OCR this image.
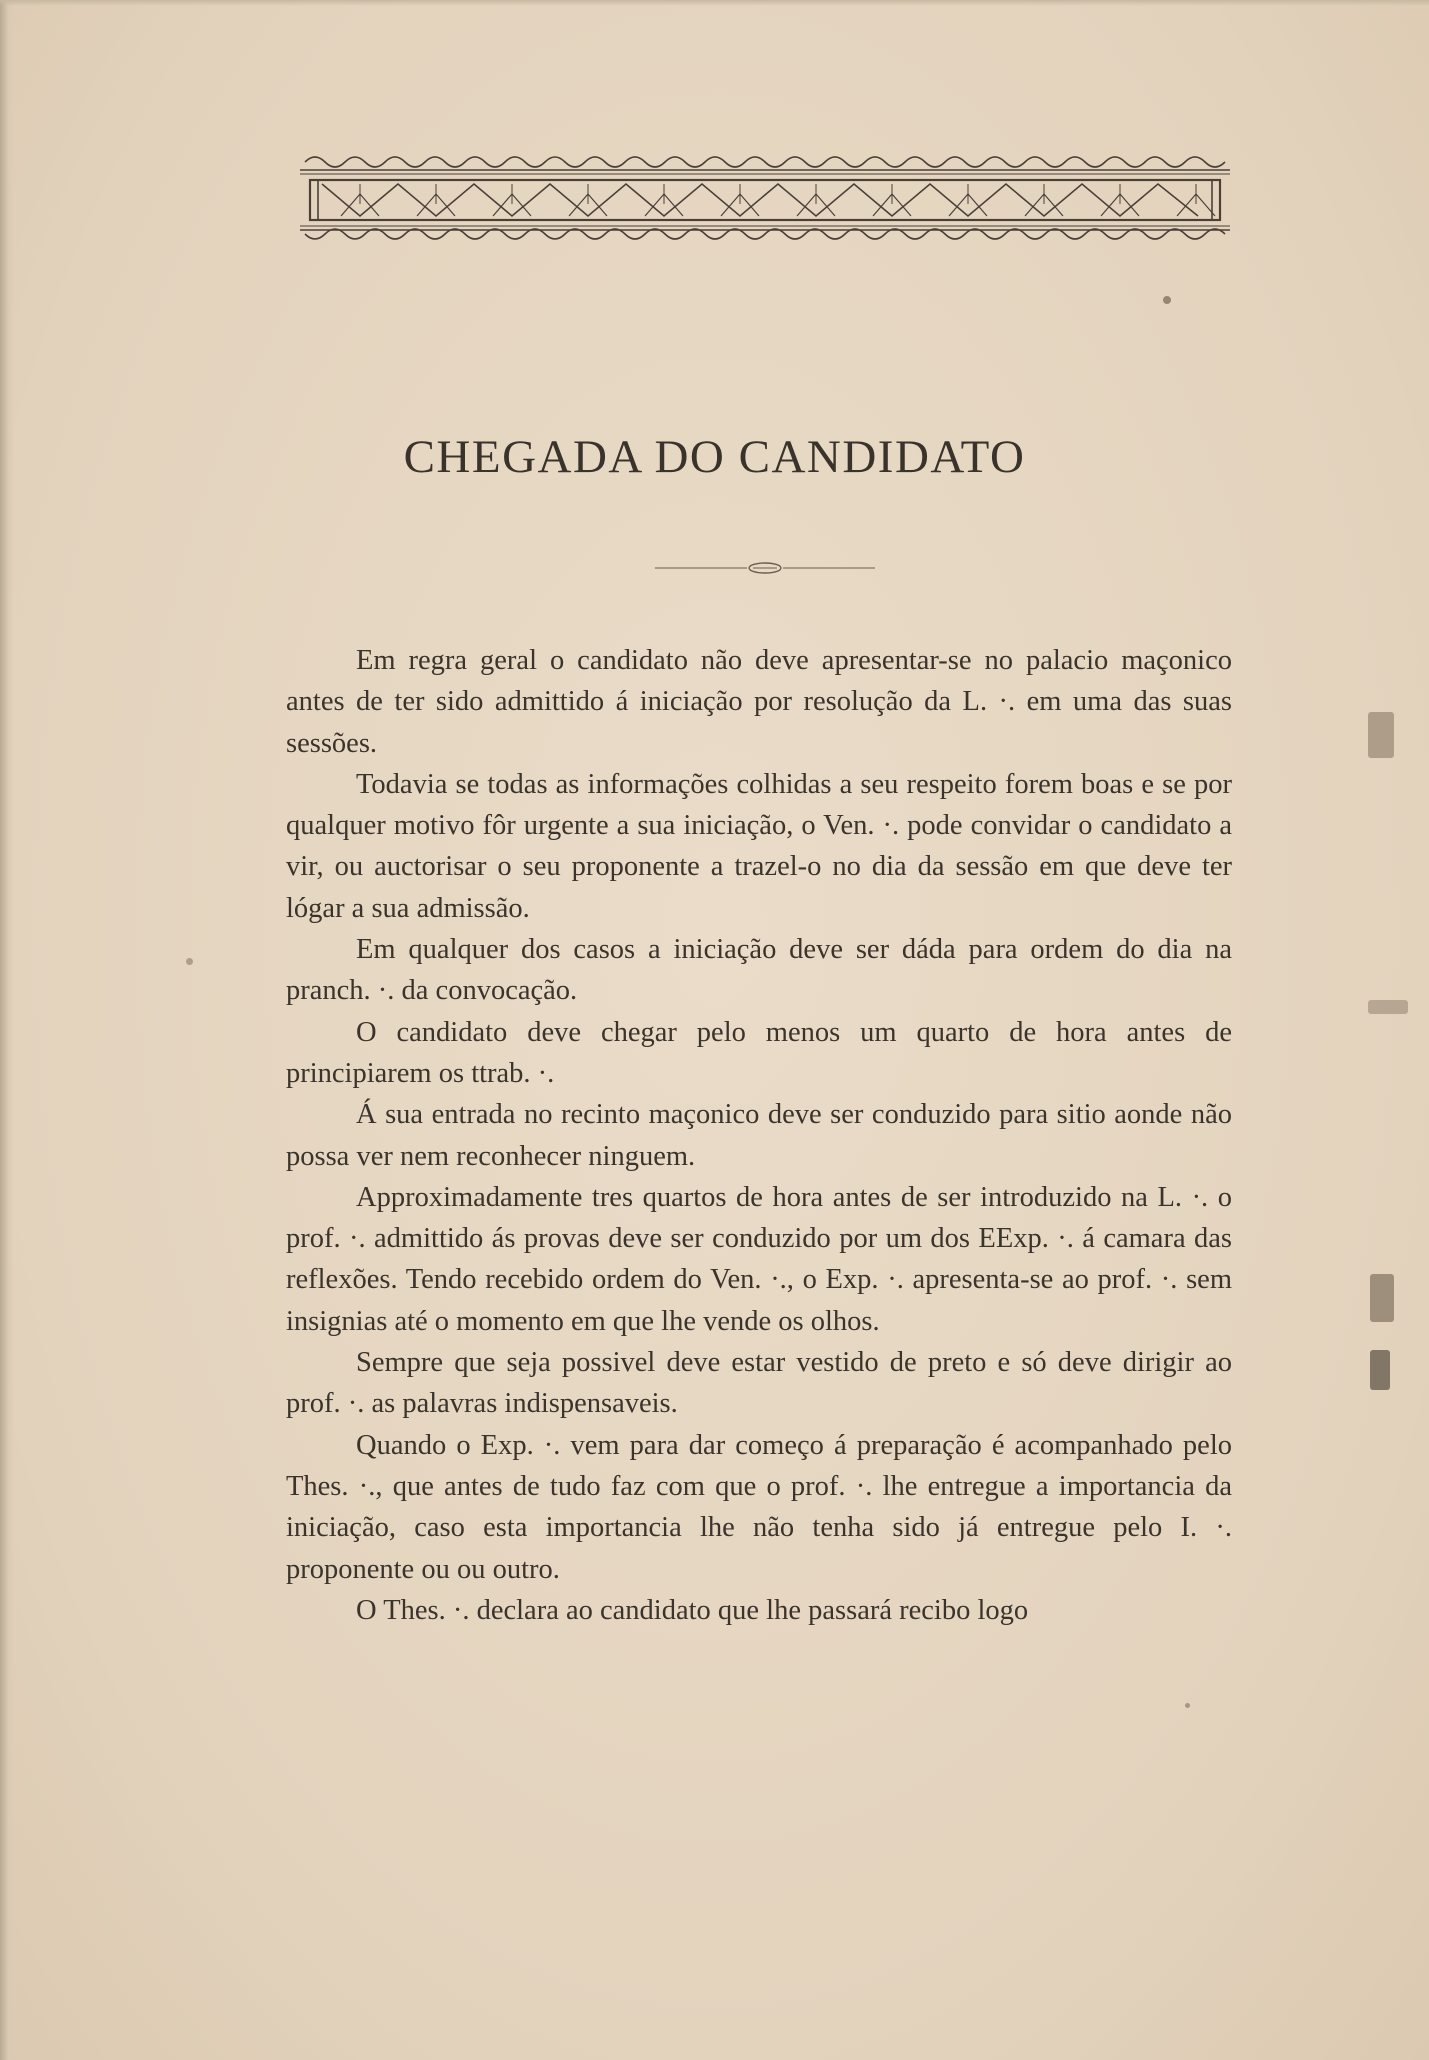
CHEGADA DO CANDIDATO

Em regra geral o candidato não deve apresentar-se no palacio maçonico antes de ter sido admittido á iniciação por resolução da L. ·. em uma das suas sessões.

Todavia se todas as informações colhidas a seu respeito forem boas e se por qualquer motivo fôr urgente a sua iniciação, o Ven. ·. pode convidar o candidato a vir, ou auctorisar o seu proponente a trazel-o no dia da sessão em que deve ter lógar a sua admissão.

Em qualquer dos casos a iniciação deve ser dáda para ordem do dia na pranch. ·. da convocação.

O candidato deve chegar pelo menos um quarto de hora antes de principiarem os ttrab. ·.

Á sua entrada no recinto maçonico deve ser conduzido para sitio aonde não possa ver nem reconhecer ninguem.

Approximadamente tres quartos de hora antes de ser introduzido na L. ·. o prof. ·. admittido ás provas deve ser conduzido por um dos EExp. ·. á camara das reflexões. Tendo recebido ordem do Ven. ·., o Exp. ·. apresenta-se ao prof. ·. sem insignias até o momento em que lhe vende os olhos.

Sempre que seja possivel deve estar vestido de preto e só deve dirigir ao prof. ·. as palavras indispensaveis.

Quando o Exp. ·. vem para dar começo á preparação é acompanhado pelo Thes. ·., que antes de tudo faz com que o prof. ·. lhe entregue a importancia da iniciação, caso esta importancia lhe não tenha sido já entregue pelo I. ·. proponente ou ou outro.

O Thes. ·. declara ao candidato que lhe passará recibo logo
